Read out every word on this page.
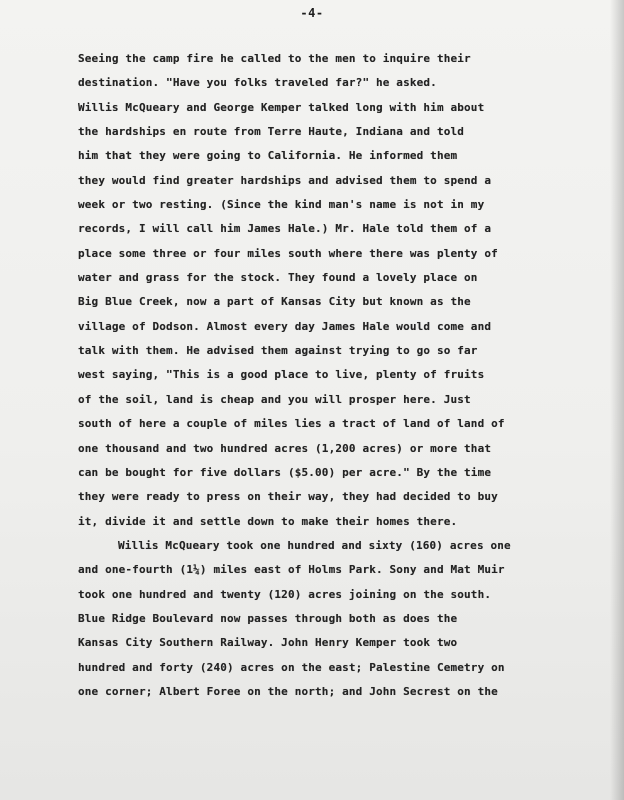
-4-
Seeing the camp fire he called to the men to inquire their
destination. "Have you folks traveled far?" he asked.
Willis McQueary and George Kemper talked long with him about
the hardships en route from Terre Haute, Indiana and told
him that they were going to California. He informed them
they would find greater hardships and advised them to spend a
week or two resting. (Since the kind man's name is not in my
records, I will call him James Hale.) Mr. Hale told them of a
place some three or four miles south where there was plenty of
water and grass for the stock. They found a lovely place on
Big Blue Creek, now a part of Kansas City but known as the
village of Dodson. Almost every day James Hale would come and
talk with them. He advised them against trying to go so far
west saying, "This is a good place to live, plenty of fruits
of the soil, land is cheap and you will prosper here. Just
south of here a couple of miles lies a tract of land of land of
one thousand and two hundred acres (1,200 acres) or more that
can be bought for five dollars ($5.00) per acre." By the time
they were ready to press on their way, they had decided to buy
it, divide it and settle down to make their homes there.
Willis McQueary took one hundred and sixty (160) acres one
and one-fourth (1¼) miles east of Holms Park. Sony and Mat Muir
took one hundred and twenty (120) acres joining on the south.
Blue Ridge Boulevard now passes through both as does the
Kansas City Southern Railway. John Henry Kemper took two
hundred and forty (240) acres on the east; Palestine Cemetry on
one corner; Albert Foree on the north; and John Secrest on the
